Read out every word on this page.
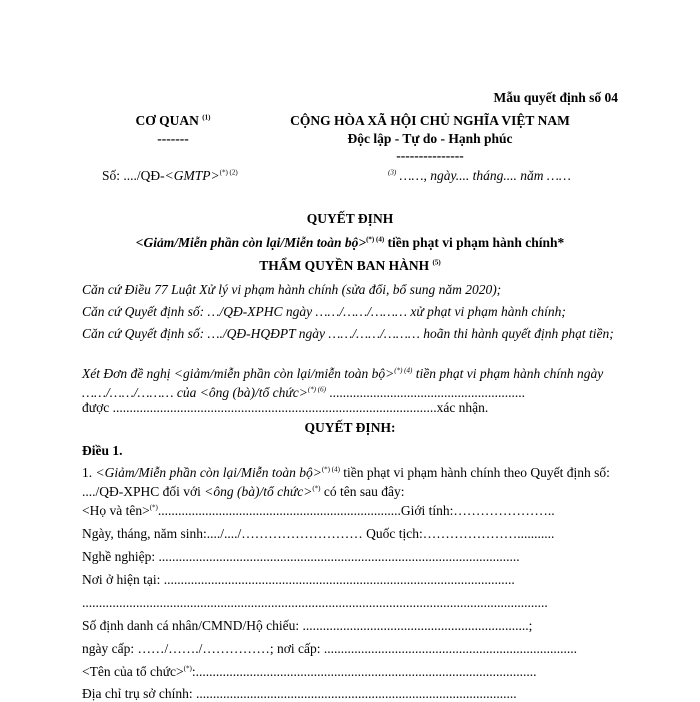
Mẫu quyết định số 04
CƠ QUAN $^{(1)}$
-------
CỘNG HÒA XÃ HỘI CHỦ NGHĨA VIỆT NAM
Độc lập - Tự do - Hạnh phúc
---------------
Số: ..../QĐ-<GMTP>$^{(*) (2)}$	$^{(3)}$ ……, ngày.... tháng.... năm ……
QUYẾT ĐỊNH
<Giảm/Miễn phần còn lại/Miễn toàn bộ>$^{(*) (4)}$ tiền phạt vi phạm hành chính*
THẨM QUYỀN BAN HÀNH $^{(5)}$
Căn cứ Điều 77 Luật Xử lý vi phạm hành chính (sửa đổi, bổ sung năm 2020);
Căn cứ Quyết định số: …/QĐ-XPHC ngày ……/……/……… xử phạt vi phạm hành chính;
Căn cứ Quyết định số: …./QĐ-HQĐPT ngày ……/……/……… hoãn thi hành quyết định phạt tiền;
Xét Đơn đề nghị <giảm/miễn phần còn lại/miễn toàn bộ>$^{(*) (4)}$ tiền phạt vi phạm hành chính ngày ……/……/……… của <ông (bà)/tổ chức>$^{(*) (6)}$ ..........................................................
được ................................................................................................xác nhận.
QUYẾT ĐỊNH:
Điều 1.
1. <Giảm/Miễn phần còn lại/Miễn toàn bộ>$^{(*) (4)}$ tiền phạt vi phạm hành chính theo Quyết định số: ..../QĐ-XPHC đối với <ông (bà)/tổ chức>(*) có tên sau đây:
<Họ và tên>(*)........................................................................Giới tính:…………………..
Ngày, tháng, năm sinh:..../..../……………………… Quốc tịch:…………………...........
Nghề nghiệp: ...........................................................................................................
Nơi ở hiện tại: ........................................................................................................
..........................................................................................................................................
Số định danh cá nhân/CMND/Hộ chiếu: ...................................................................;
ngày cấp: ……/……./……………; nơi cấp: ...........................................................................
<Tên của tổ chức>(*):.....................................................................................................
Địa chỉ trụ sở chính: ...............................................................................................
